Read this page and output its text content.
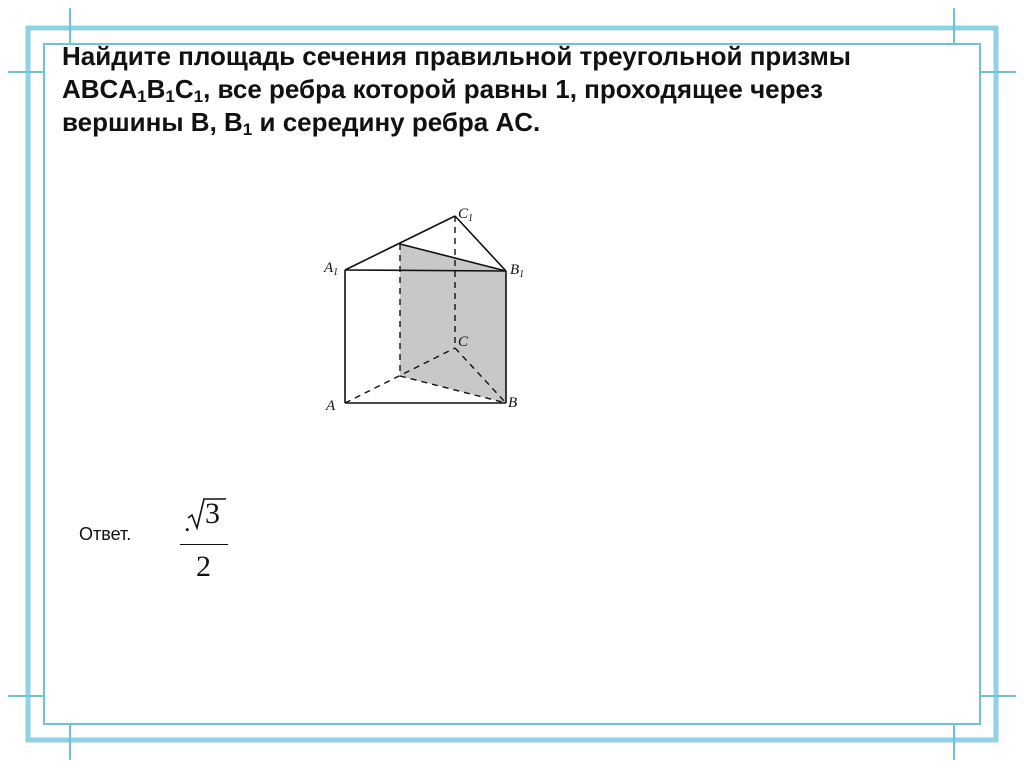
Найдите площадь сечения правильной треугольной призмы
$ABCA_1B_1C_1$, все ребра которой равны 1, проходящее через
вершины B, $B_1$ и середину ребра AC.
$C_1$
$A_1$	$B_1$
C
A	B
Ответ. . 3
2
